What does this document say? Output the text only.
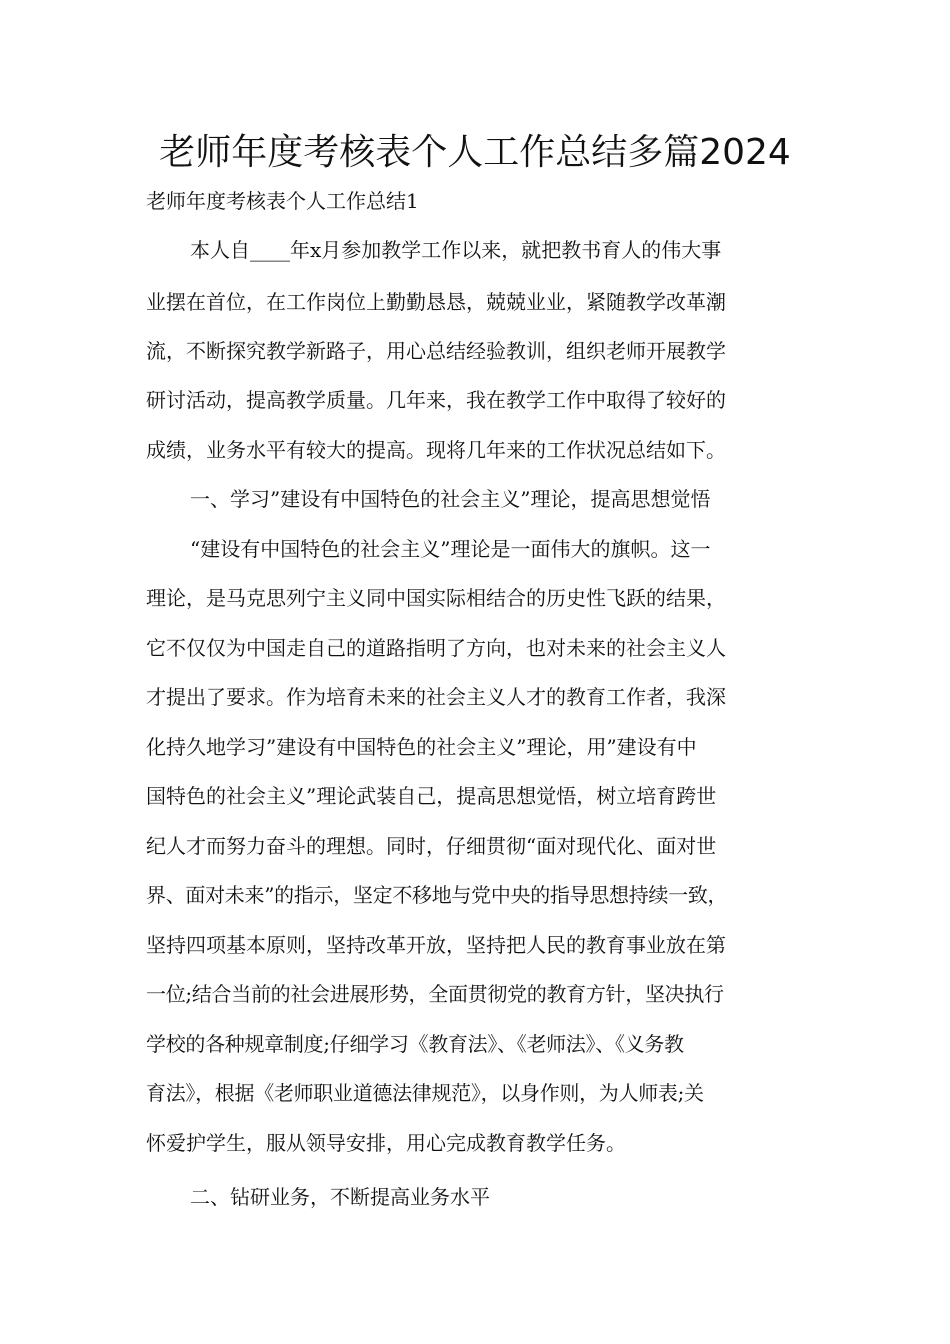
老师年度考核表个人工作总结多篇2024

老师年度考核表个人工作总结1

本人自____年x月参加教学工作以来，就把教书育人的伟大事

业摆在首位，在工作岗位上勤勤恳恳，兢兢业业，紧随教学改革潮

流，不断探究教学新路子，用心总结经验教训，组织老师开展教学

研讨活动，提高教学质量。几年来，我在教学工作中取得了较好的

成绩，业务水平有较大的提高。现将几年来的工作状况总结如下。

一、学习”建设有中国特色的社会主义”理论，提高思想觉悟

“建设有中国特色的社会主义”理论是一面伟大的旗帜。这一

理论，是马克思列宁主义同中国实际相结合的历史性飞跃的结果，

它不仅仅为中国走自己的道路指明了方向，也对未来的社会主义人

才提出了要求。作为培育未来的社会主义人才的教育工作者，我深

化持久地学习”建设有中国特色的社会主义”理论，用”建设有中

国特色的社会主义”理论武装自己，提高思想觉悟，树立培育跨世

纪人才而努力奋斗的理想。同时，仔细贯彻“面对现代化、面对世

界、面对未来”的指示，坚定不移地与党中央的指导思想持续一致，

坚持四项基本原则，坚持改革开放，坚持把人民的教育事业放在第

一位;结合当前的社会进展形势，全面贯彻党的教育方针，坚决执行

学校的各种规章制度;仔细学习《教育法》、《老师法》、《义务教

育法》，根据《老师职业道德法律规范》，以身作则，为人师表;关

怀爱护学生，服从领导安排，用心完成教育教学任务。

二、钻研业务，不断提高业务水平
